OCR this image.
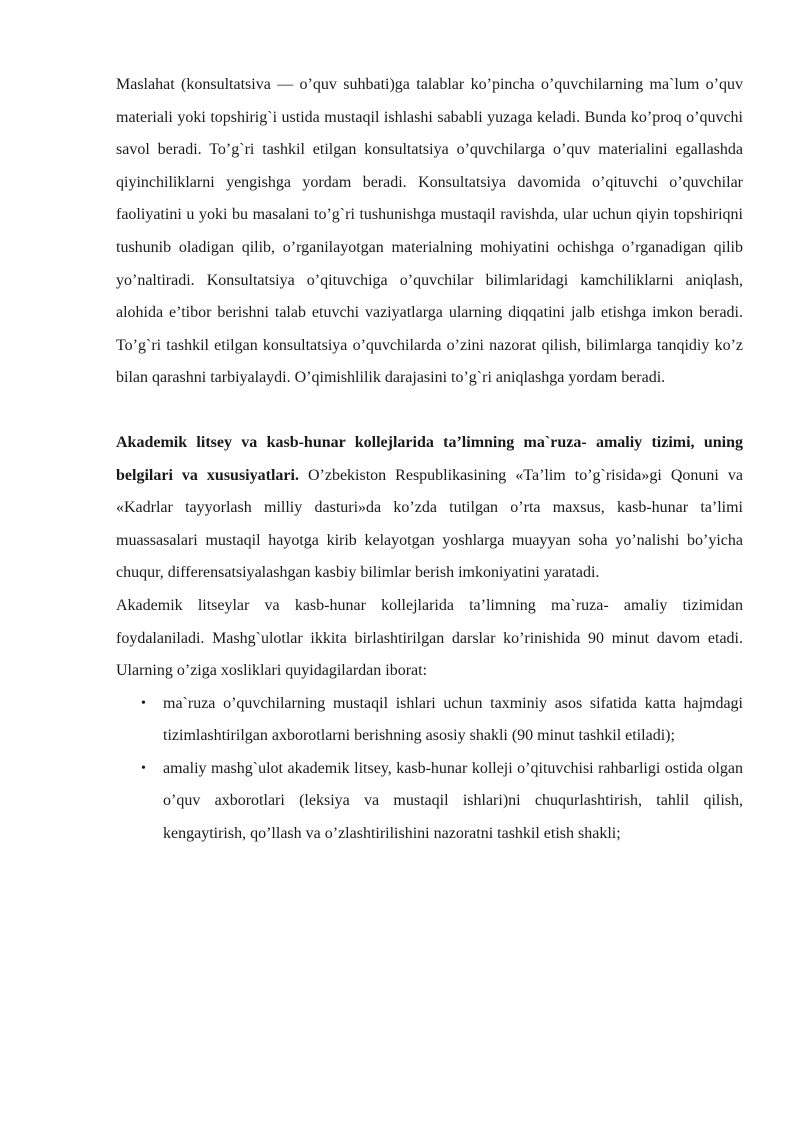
Maslahat (konsultatsiva — o’quv suhbati)ga talablar ko’pincha o’quvchilarning ma`lum o’quv materiali yoki topshirig`i ustida mustaqil ishlashi sababli yuzaga keladi. Bunda ko’proq o’quvchi savol beradi. To’g`ri tashkil etilgan konsultatsiya o’quvchilarga o’quv materialini egallashda qiyinchiliklarni yengishga yordam beradi. Konsultatsiya davomida o’qituvchi o’quvchilar faoliyatini u yoki bu masalani to’g`ri tushunishga mustaqil ravishda, ular uchun qiyin topshiriqni tushunib oladigan qilib, o’rganilayotgan materialning mohiyatini ochishga o’rganadigan qilib yo’naltiradi. Konsultatsiya o’qituvchiga o’quvchilar bilimlaridagi kamchiliklarni aniqlash, alohida e’tibor berishni talab etuvchi vaziyatlarga ularning diqqatini jalb etishga imkon beradi. To’g`ri tashkil etilgan konsultatsiya o’quvchilarda o’zini nazorat qilish, bilimlarga tanqidiy ko’z bilan qarashni tarbiyalaydi. O’qimishlilik darajasini to’g`ri aniqlashga yordam beradi.

Akademik litsey va kasb-hunar kollejlarida ta’limning ma`ruza- amaliy tizimi, uning belgilari va xususiyatlari. O’zbekiston Respublikasining «Ta’lim to’g`risida»gi Qonuni va «Kadrlar tayyorlash milliy dasturi»da ko’zda tutilgan o’rta maxsus, kasb-hunar ta’limi muassasalari mustaqil hayotga kirib kelayotgan yoshlarga muayyan soha yo’nalishi bo’yicha chuqur, differensatsiyalashgan kasbiy bilimlar berish imkoniyatini yaratadi.

Akademik litseylar va kasb-hunar kollejlarida ta’limning ma`ruza- amaliy tizimidan foydalaniladi. Mashg`ulotlar ikkita birlashtirilgan darslar ko’rinishida 90 minut davom etadi. Ularning o’ziga xosliklari quyidagilardan iborat:

• ma`ruza o’quvchilarning mustaqil ishlari uchun taxminiy asos sifatida katta hajmdagi tizimlashtirilgan axborotlarni berishning asosiy shakli (90 minut tashkil etiladi);
• amaliy mashg`ulot akademik litsey, kasb-hunar kolleji o’qituvchisi rahbarligi ostida olgan o’quv axborotlari (leksiya va mustaqil ishlari)ni chuqurlashtirish, tahlil qilish, kengaytirish, qo’llash va o’zlashtirilishini nazoratni tashkil etish shakli;
